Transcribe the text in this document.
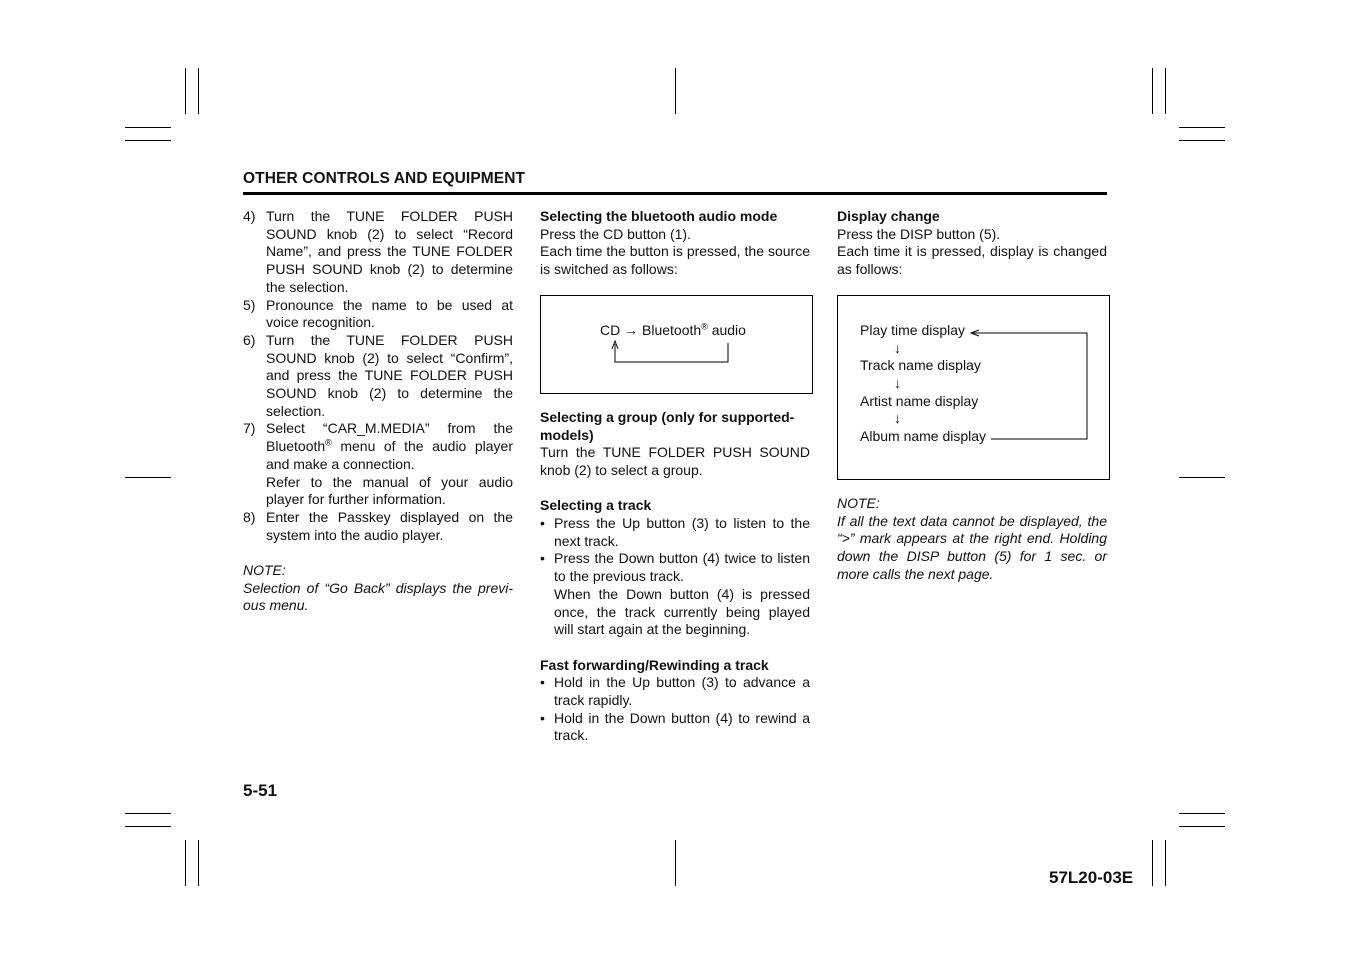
OTHER CONTROLS AND EQUIPMENT
4) Turn the TUNE FOLDER PUSH SOUND knob (2) to select “Record Name”, and press the TUNE FOLDER PUSH SOUND knob (2) to determine the selection.
5) Pronounce the name to be used at voice recognition.
6) Turn the TUNE FOLDER PUSH SOUND knob (2) to select “Confirm”, and press the TUNE FOLDER PUSH SOUND knob (2) to determine the selection.
7) Select “CAR_M.MEDIA” from the Bluetooth® menu of the audio player and make a connection.
Refer to the manual of your audio player for further information.
8) Enter the Passkey displayed on the system into the audio player.
NOTE:
Selection of “Go Back” displays the previ-ous menu.
Selecting the bluetooth audio mode
Press the CD button (1).
Each time the button is pressed, the source is switched as follows:
CD → Bluetooth® audio
Selecting a group (only for supported-models)
Turn the TUNE FOLDER PUSH SOUND knob (2) to select a group.
Selecting a track
• Press the Up button (3) to listen to the next track.
• Press the Down button (4) twice to listen to the previous track.
When the Down button (4) is pressed once, the track currently being played will start again at the beginning.
Fast forwarding/Rewinding a track
• Hold in the Up button (3) to advance a track rapidly.
• Hold in the Down button (4) to rewind a track.
Display change
Press the DISP button (5).
Each time it is pressed, display is changed as follows:
Play time display
↓
Track name display
↓
Artist name display
↓
Album name display
NOTE:
If all the text data cannot be displayed, the “>” mark appears at the right end. Holding down the DISP button (5) for 1 sec. or more calls the next page.
5-51
57L20-03E
